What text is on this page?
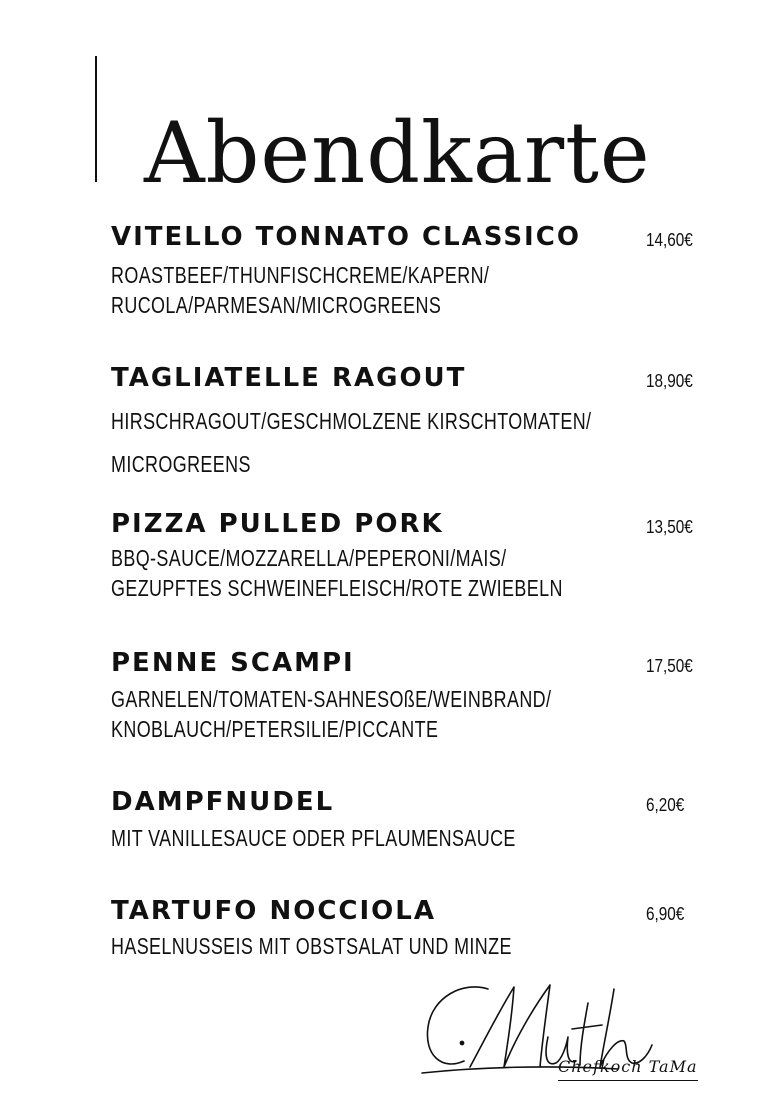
Abendkarte
VITELLO TONNATO CLASSICO	14,60€
ROASTBEEF/THUNFISCHCREME/KAPERN/
RUCOLA/PARMESAN/MICROGREENS
TAGLIATELLE RAGOUT	18,90€
HIRSCHRAGOUT/GESCHMOLZENE KIRSCHTOMATEN/
MICROGREENS
PIZZA PULLED PORK	13,50€
BBQ-SAUCE/MOZZARELLA/PEPERONI/MAIS/
GEZUPFTES SCHWEINEFLEISCH/ROTE ZWIEBELN
PENNE SCAMPI	17,50€
GARNELEN/TOMATEN-SAHNESOßE/WEINBRAND/
KNOBLAUCH/PETERSILIE/PICCANTE
DAMPFNUDEL	6,20€
MIT VANILLESAUCE ODER PFLAUMENSAUCE
TARTUFO NOCCIOLA	6,90€
HASELNUSSEIS MIT OBSTSALAT UND MINZE
Chefkoch TaMa
